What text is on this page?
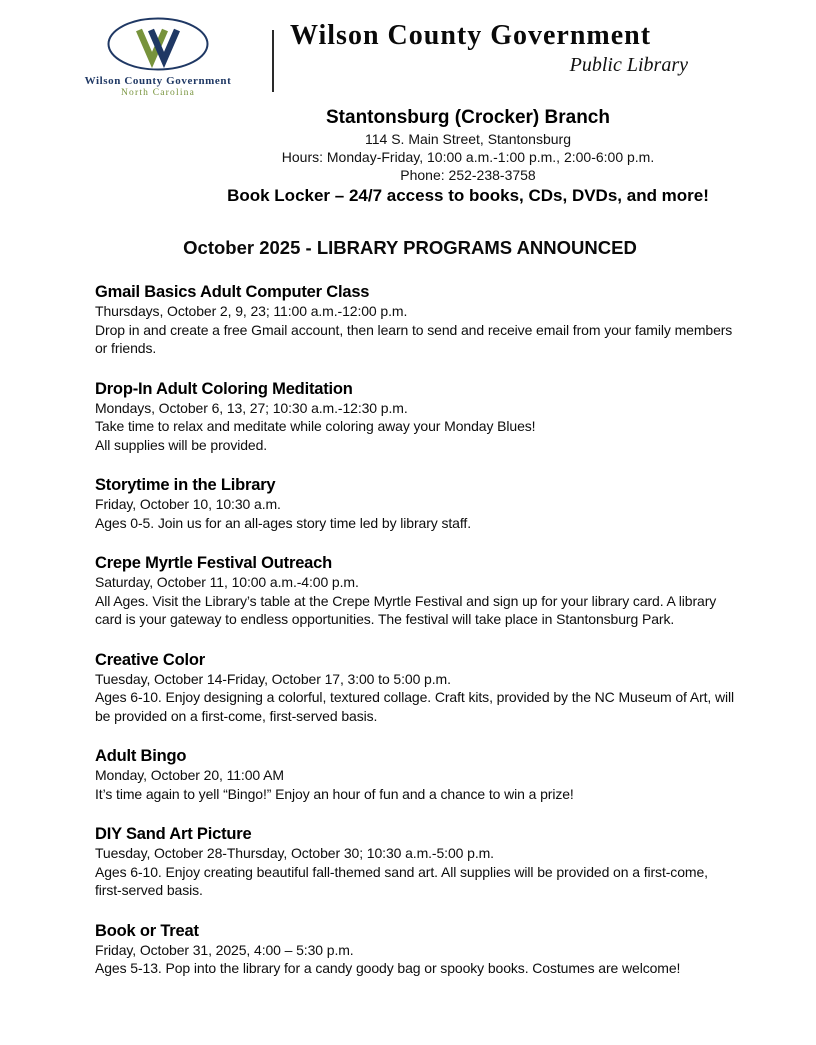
Wilson County Government
North Carolina
Wilson County Government
Public Library
Stantonsburg (Crocker) Branch

114 S. Main Street, Stantonsburg

Hours: Monday-Friday, 10:00 a.m.-1:00 p.m., 2:00-6:00 p.m.

Phone: 252-238-3758

Book Locker – 24/7 access to books, CDs, DVDs, and more!

October 2025 - LIBRARY PROGRAMS ANNOUNCED
Gmail Basics Adult Computer Class

Thursdays, October 2, 9, 23; 11:00 a.m.-12:00 p.m.

Drop in and create a free Gmail account, then learn to send and receive email from your family members or friends.

Drop-In Adult Coloring Meditation

Mondays, October 6, 13, 27; 10:30 a.m.-12:30 p.m.

Take time to relax and meditate while coloring away your Monday Blues!

All supplies will be provided.

Storytime in the Library

Friday, October 10, 10:30 a.m.

Ages 0-5. Join us for an all-ages story time led by library staff.

Crepe Myrtle Festival Outreach

Saturday, October 11, 10:00 a.m.-4:00 p.m.

All Ages. Visit the Library’s table at the Crepe Myrtle Festival and sign up for your library card. A library card is your gateway to endless opportunities. The festival will take place in Stantonsburg Park.

Creative Color

Tuesday, October 14-Friday, October 17, 3:00 to 5:00 p.m.

Ages 6-10. Enjoy designing a colorful, textured collage. Craft kits, provided by the NC Museum of Art, will be provided on a first-come, first-served basis.

Adult Bingo

Monday, October 20, 11:00 AM

It’s time again to yell “Bingo!” Enjoy an hour of fun and a chance to win a prize!

DIY Sand Art Picture

Tuesday, October 28-Thursday, October 30; 10:30 a.m.-5:00 p.m.

Ages 6-10. Enjoy creating beautiful fall-themed sand art. All supplies will be provided on a first-come, first-served basis.

Book or Treat

Friday, October 31, 2025, 4:00 – 5:30 p.m.

Ages 5-13. Pop into the library for a candy goody bag or spooky books. Costumes are welcome!
